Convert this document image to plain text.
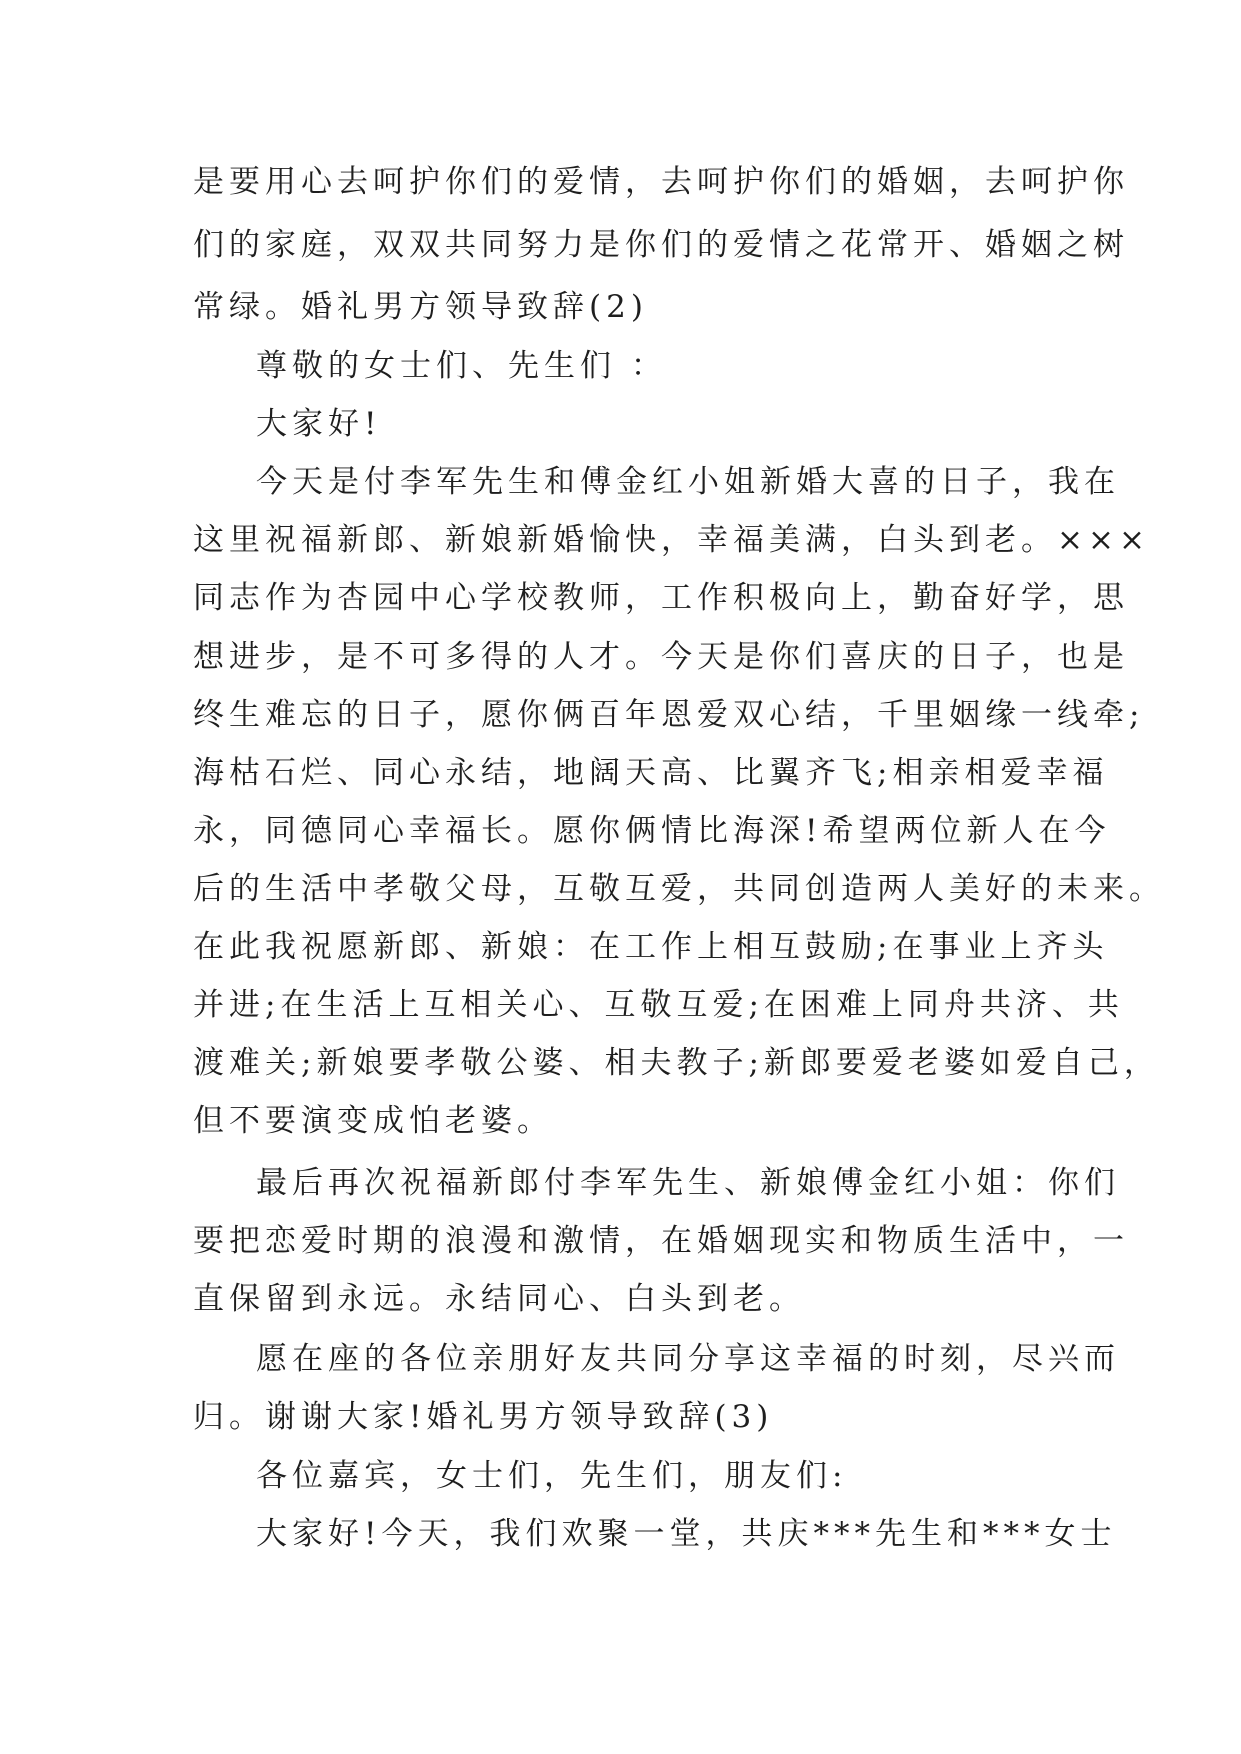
是要用心去呵护你们的爱情，去呵护你们的婚姻，去呵护你

们的家庭，双双共同努力是你们的爱情之花常开、婚姻之树

常绿。婚礼男方领导致辞(2)

尊敬的女士们、先生们 ：

大家好!

今天是付李军先生和傅金红小姐新婚大喜的日子，我在

这里祝福新郎、新娘新婚愉快，幸福美满，白头到老。×××

同志作为杏园中心学校教师，工作积极向上，勤奋好学，思

想进步，是不可多得的人才。今天是你们喜庆的日子，也是

终生难忘的日子，愿你俩百年恩爱双心结，千里姻缘一线牵;

海枯石烂、同心永结，地阔天高、比翼齐飞;相亲相爱幸福

永，同德同心幸福长。愿你俩情比海深!希望两位新人在今

后的生活中孝敬父母，互敬互爱，共同创造两人美好的未来。

在此我祝愿新郎、新娘：在工作上相互鼓励;在事业上齐头

并进;在生活上互相关心、互敬互爱;在困难上同舟共济、共

渡难关;新娘要孝敬公婆、相夫教子;新郎要爱老婆如爱自己，

但不要演变成怕老婆。

最后再次祝福新郎付李军先生、新娘傅金红小姐：你们

要把恋爱时期的浪漫和激情，在婚姻现实和物质生活中，一

直保留到永远。永结同心、白头到老。

愿在座的各位亲朋好友共同分享这幸福的时刻，尽兴而

归。谢谢大家!婚礼男方领导致辞(3)

各位嘉宾，女士们，先生们，朋友们:

大家好!今天，我们欢聚一堂，共庆***先生和***女士
